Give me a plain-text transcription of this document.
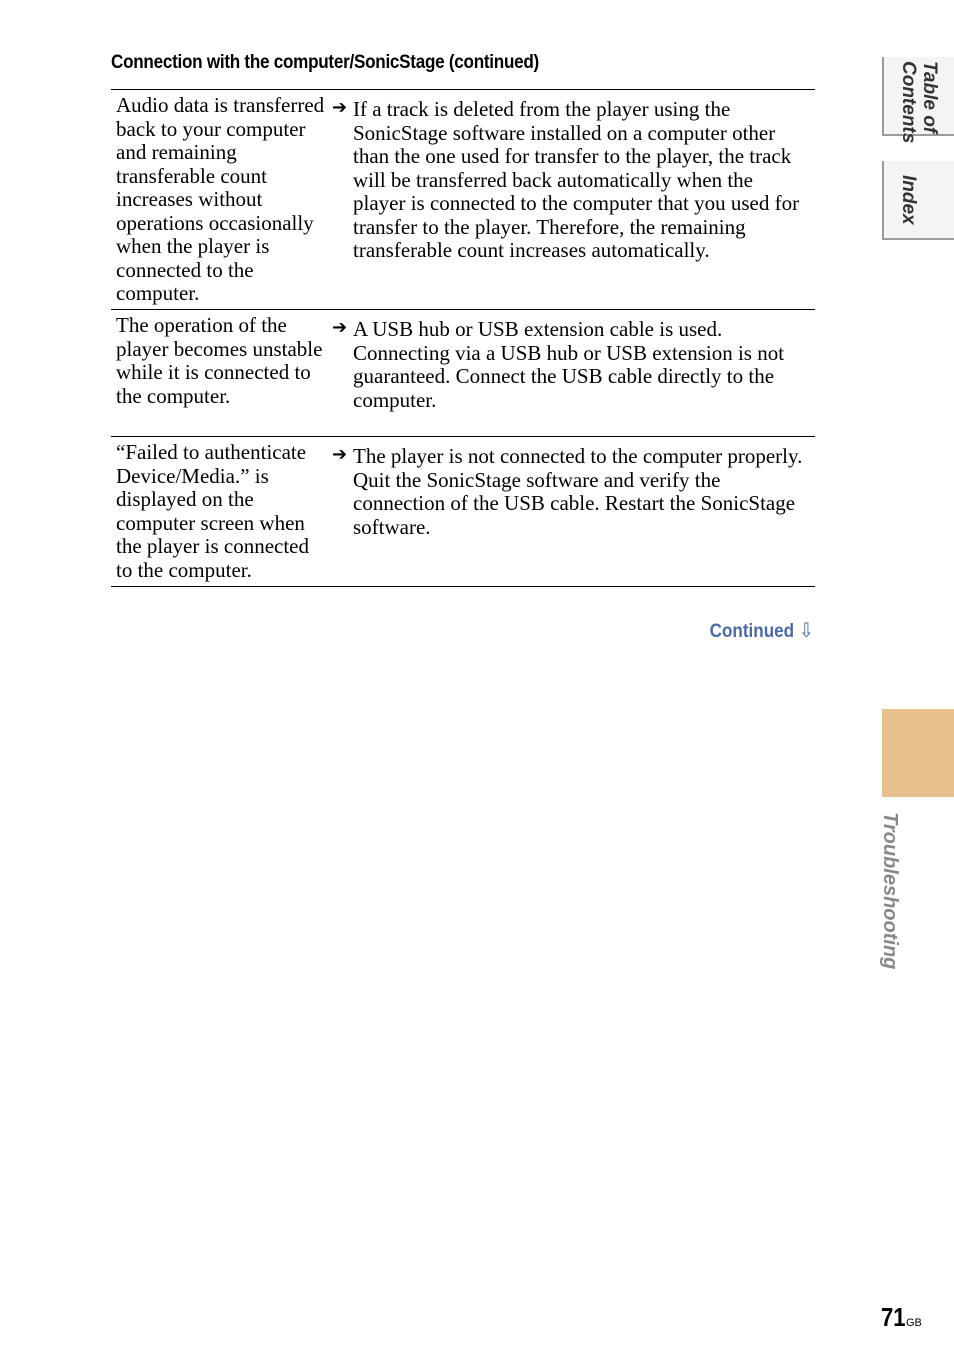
Connection with the computer/SonicStage (continued)
Audio data is transferred back to your computer and remaining transferable count increases without operations occasionally when the player is connected to the computer.
➔ If a track is deleted from the player using the SonicStage software installed on a computer other than the one used for transfer to the player, the track will be transferred back automatically when the player is connected to the computer that you used for transfer to the player. Therefore, the remaining transferable count increases automatically.
The operation of the player becomes unstable while it is connected to the computer.
➔ A USB hub or USB extension cable is used. Connecting via a USB hub or USB extension is not guaranteed. Connect the USB cable directly to the computer.
“Failed to authenticate Device/Media.” is displayed on the computer screen when the player is connected to the computer.
➔ The player is not connected to the computer properly. Quit the SonicStage software and verify the connection of the USB cable. Restart the SonicStage software.
Continued ⇩
Table of Contents
Index
Troubleshooting
71 GB
